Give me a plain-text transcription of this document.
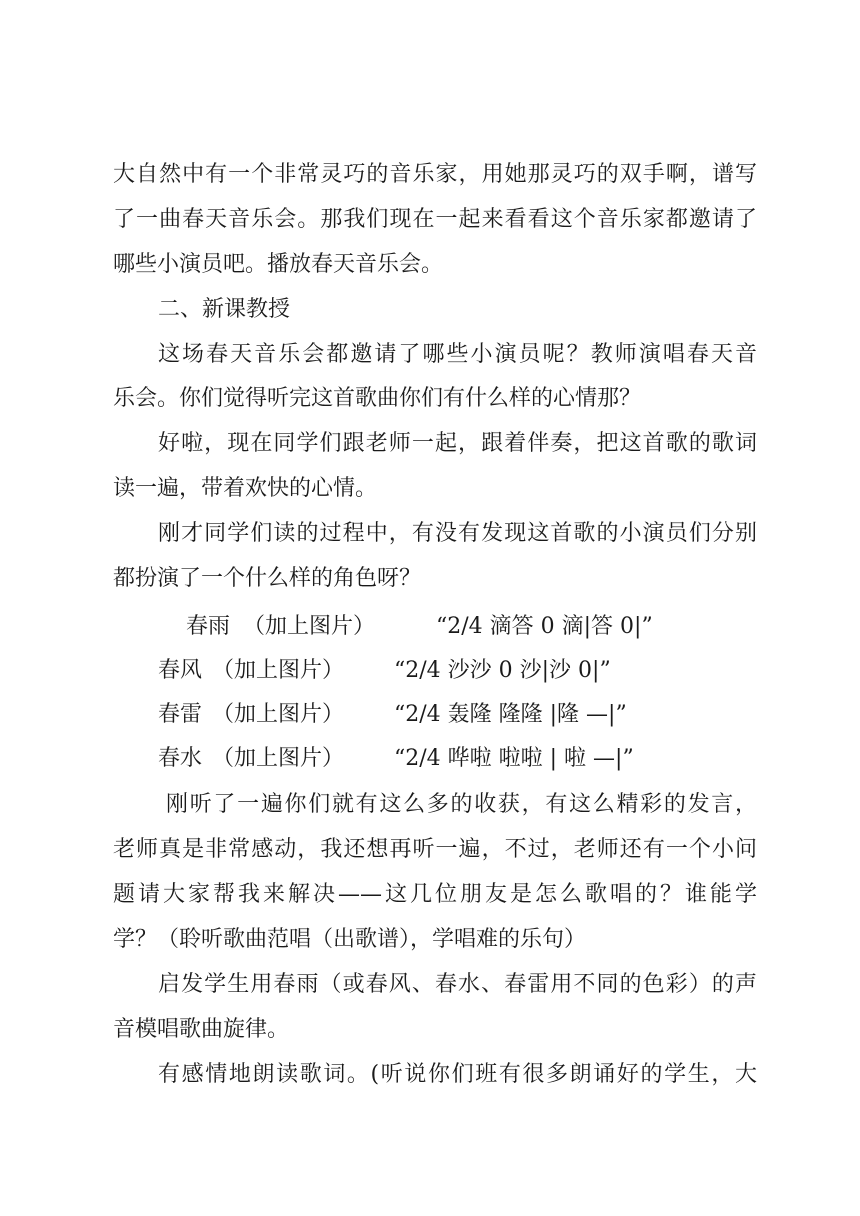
大自然中有一个非常灵巧的音乐家，用她那灵巧的双手啊，谱写
了一曲春天音乐会。那我们现在一起来看看这个音乐家都邀请了
哪些小演员吧。播放春天音乐会。
二、新课教授
这场春天音乐会都邀请了哪些小演员呢？教师演唱春天音
乐会。你们觉得听完这首歌曲你们有什么样的心情那？
好啦，现在同学们跟老师一起，跟着伴奏，把这首歌的歌词
读一遍，带着欢快的心情。
刚才同学们读的过程中，有没有发现这首歌的小演员们分别
都扮演了一个什么样的角色呀？
春雨 （加上图片）	“2/4 滴答 0 滴|答 0|”
春风 （加上图片） “2/4 沙沙 0 沙|沙 0|”
春雷 （加上图片） “2/4 轰隆 隆隆 |隆 —|”
春水 （加上图片） “2/4 哗啦 啦啦 | 啦 —|”
刚听了一遍你们就有这么多的收获，有这么精彩的发言，
老师真是非常感动，我还想再听一遍，不过，老师还有一个小问
题请大家帮我来解决——这几位朋友是怎么歌唱的？谁能学
学？（聆听歌曲范唱（出歌谱），学唱难的乐句）
启发学生用春雨（或春风、春水、春雷用不同的色彩）的声
音模唱歌曲旋律。
有感情地朗读歌词。(听说你们班有很多朗诵好的学生，大
